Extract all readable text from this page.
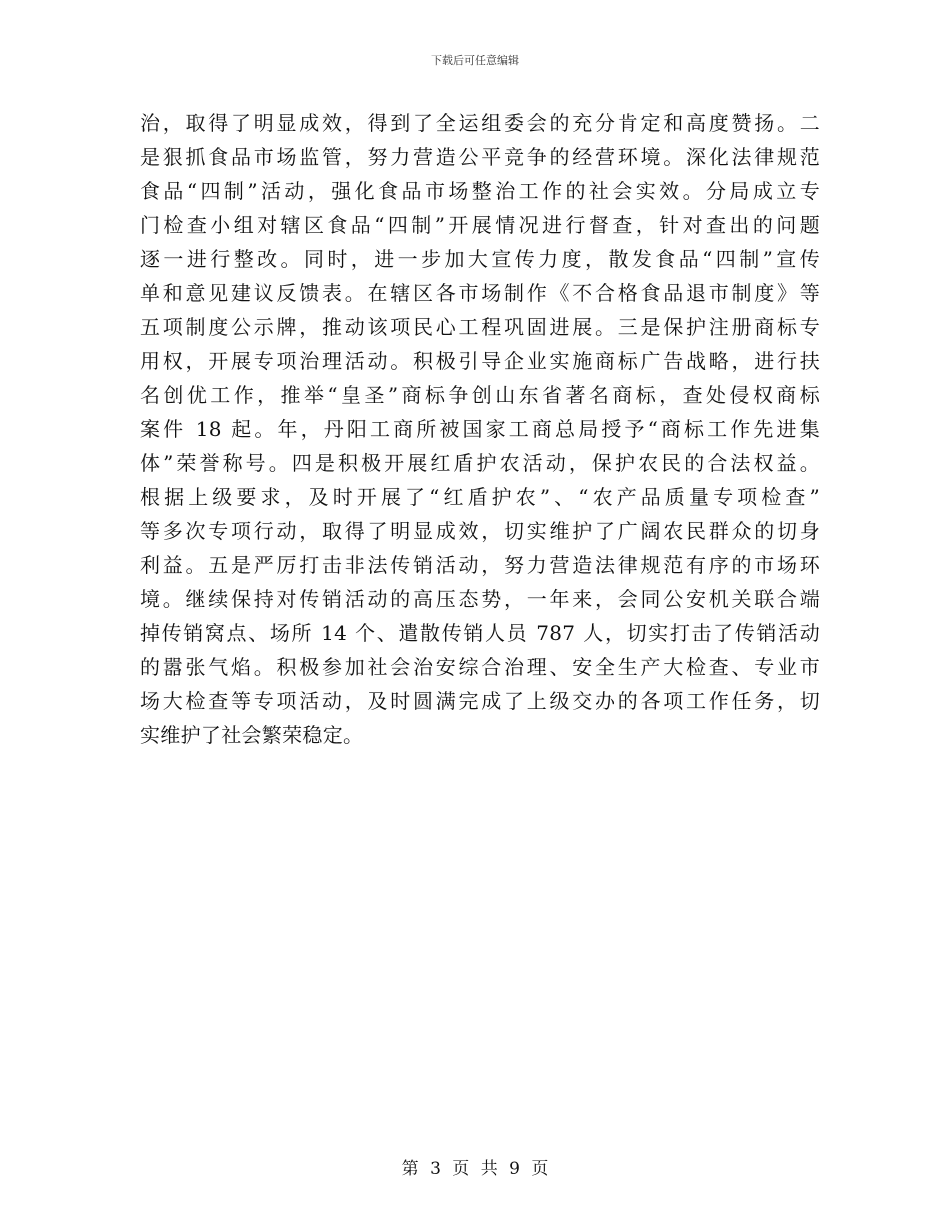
下载后可任意编辑
治，取得了明显成效，得到了全运组委会的充分肯定和高度赞扬。二
是狠抓食品市场监管，努力营造公平竞争的经营环境。深化法律规范
食品“四制”活动，强化食品市场整治工作的社会实效。分局成立专
门检查小组对辖区食品“四制”开展情况进行督查，针对查出的问题
逐一进行整改。同时，进一步加大宣传力度，散发食品“四制”宣传
单和意见建议反馈表。在辖区各市场制作《不合格食品退市制度》等
五项制度公示牌，推动该项民心工程巩固进展。三是保护注册商标专
用权，开展专项治理活动。积极引导企业实施商标广告战略，进行扶
名创优工作，推举“皇圣”商标争创山东省著名商标，查处侵权商标
案件 18 起。年，丹阳工商所被国家工商总局授予“商标工作先进集
体”荣誉称号。四是积极开展红盾护农活动，保护农民的合法权益。
根据上级要求，及时开展了“红盾护农”、“农产品质量专项检查”
等多次专项行动，取得了明显成效，切实维护了广阔农民群众的切身
利益。五是严厉打击非法传销活动，努力营造法律规范有序的市场环
境。继续保持对传销活动的高压态势，一年来，会同公安机关联合端
掉传销窝点、场所 14 个、遣散传销人员 787 人，切实打击了传销活动
的嚣张气焰。积极参加社会治安综合治理、安全生产大检查、专业市
场大检查等专项活动，及时圆满完成了上级交办的各项工作任务，切
实维护了社会繁荣稳定。
第 3 页 共 9 页
